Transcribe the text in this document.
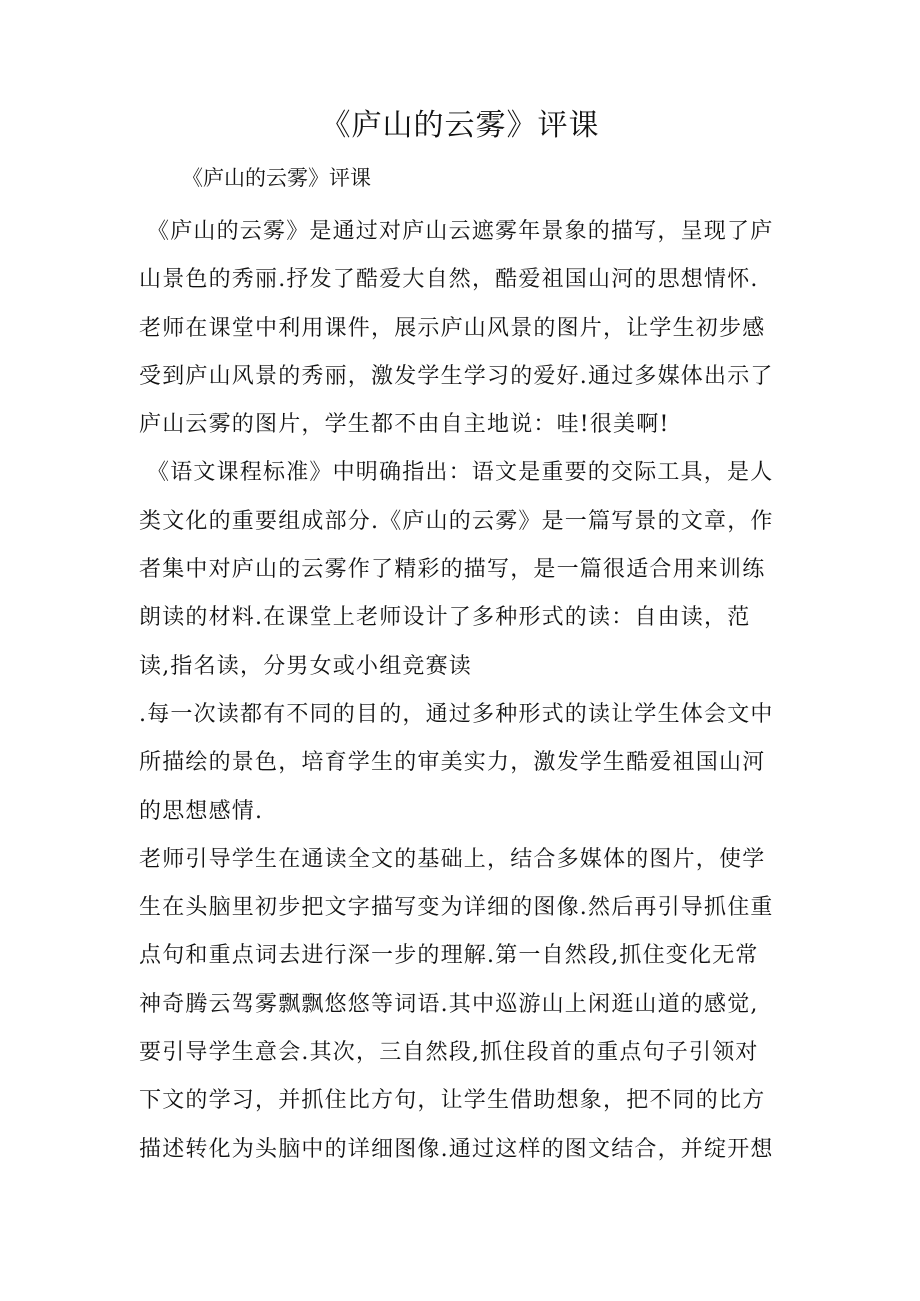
《庐山的云雾》评课
《庐山的云雾》评课
《庐山的云雾》是通过对庐山云遮雾年景象的描写，呈现了庐
山景色的秀丽.抒发了酷爱大自然，酷爱祖国山河的思想情怀.
老师在课堂中利用课件，展示庐山风景的图片，让学生初步感
受到庐山风景的秀丽，激发学生学习的爱好.通过多媒体出示了
庐山云雾的图片，学生都不由自主地说：哇!很美啊!
《语文课程标准》中明确指出：语文是重要的交际工具，是人
类文化的重要组成部分.《庐山的云雾》是一篇写景的文章，作
者集中对庐山的云雾作了精彩的描写，是一篇很适合用来训练
朗读的材料.在课堂上老师设计了多种形式的读：自由读，范
读,指名读，分男女或小组竞赛读
.每一次读都有不同的目的，通过多种形式的读让学生体会文中
所描绘的景色，培育学生的审美实力，激发学生酷爱祖国山河
的思想感情.
老师引导学生在通读全文的基础上，结合多媒体的图片，使学
生在头脑里初步把文字描写变为详细的图像.然后再引导抓住重
点句和重点词去进行深一步的理解.第一自然段,抓住变化无常
神奇腾云驾雾飘飘悠悠等词语.其中巡游山上闲逛山道的感觉,
要引导学生意会.其次，三自然段,抓住段首的重点句子引领对
下文的学习，并抓住比方句，让学生借助想象，把不同的比方
描述转化为头脑中的详细图像.通过这样的图文结合，并绽开想
